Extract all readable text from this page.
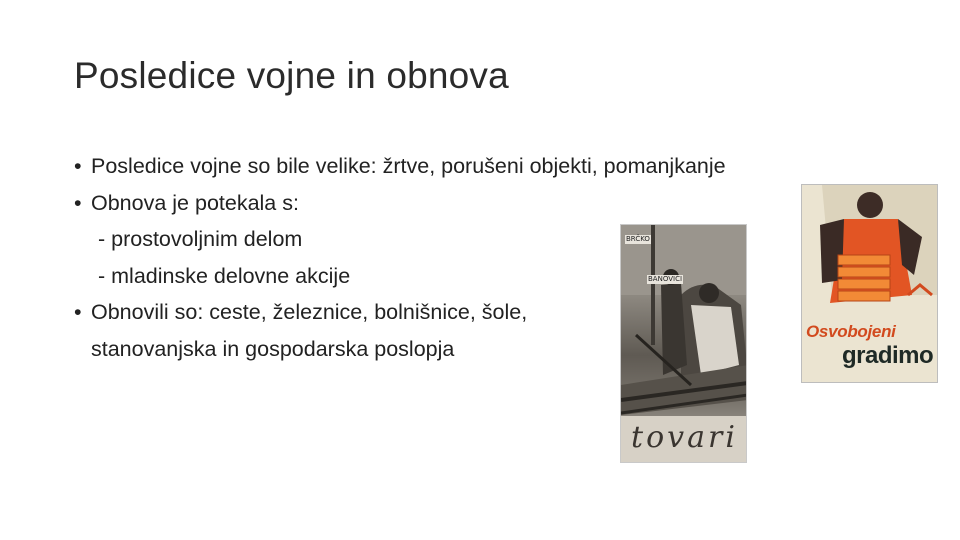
Posledice vojne in obnova
• Posledice vojne so bile velike: žrtve, porušeni objekti, pomanjkanje
• Obnova je potekala s:
- prostovoljnim delom
- mladinske delovne akcije
• Obnovili so: ceste, železnice, bolnišnice, šole,
stanovanjska in gospodarska poslopja
BRČKO
BANOVIĆI
tovari
Osvobojeni
gradimo
